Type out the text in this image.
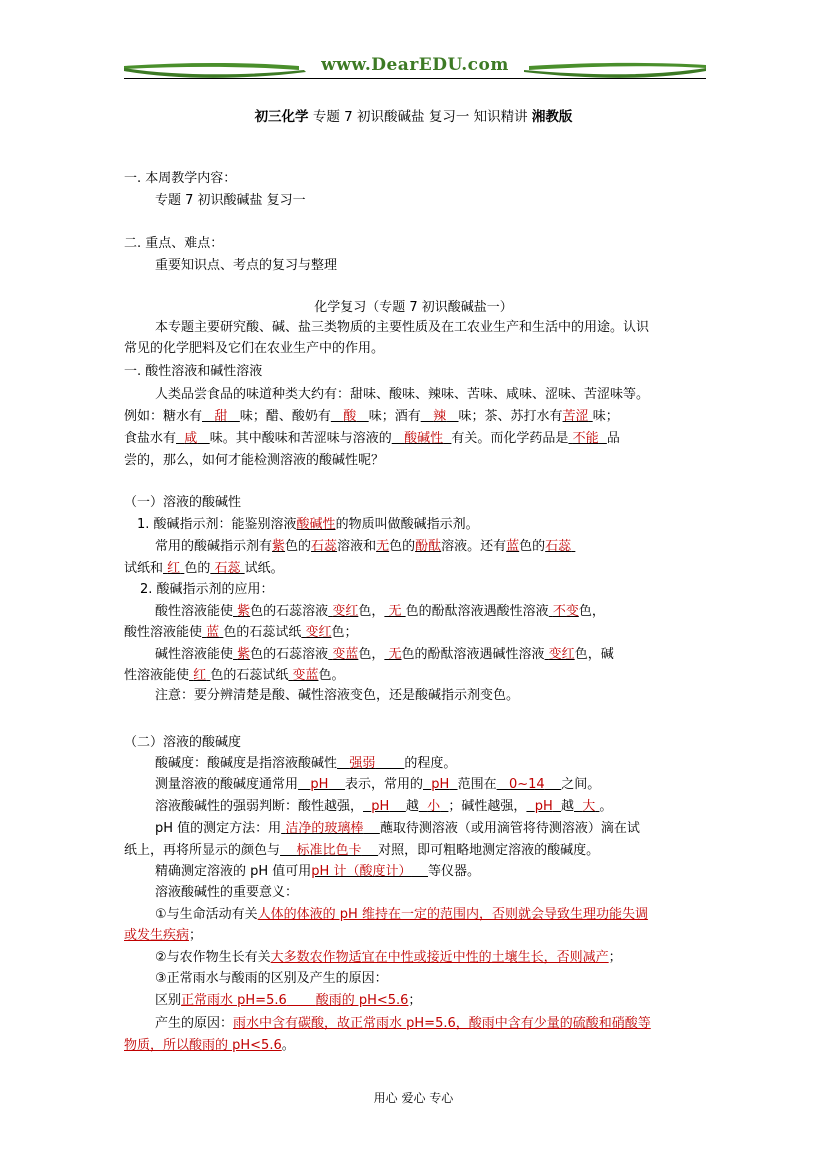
www.DearEDU.com
初三化学 专题 7 初识酸碱盐 复习一 知识精讲 湘教版
一. 本周教学内容：
专题 7 初识酸碱盐 复习一
二. 重点、难点：
重要知识点、考点的复习与整理
化学复习（专题 7 初识酸碱盐一）
本专题主要研究酸、碱、盐三类物质的主要性质及在工农业生产和生活中的用途。认识
常见的化学肥料及它们在农业生产中的作用。
一. 酸性溶液和碱性溶液
人类品尝食品的味道种类大约有：甜味、酸味、辣味、苦味、咸味、涩味、苦涩味等。
例如：糖水有 甜 味；醋、酸奶有 酸 味；酒有 辣 味；茶、苏打水有苦涩 味；
食盐水有 咸 味。其中酸味和苦涩味与溶液的 酸碱性 有关。而化学药品是 不能 品
尝的，那么，如何才能检测溶液的酸碱性呢？
（一）溶液的酸碱性
1. 酸碱指示剂：能鉴别溶液酸碱性的物质叫做酸碱指示剂。
常用的酸碱指示剂有紫色的石蕊溶液和无色的酚酞溶液。还有蓝色的石蕊
试纸和 红 色的 石蕊 试纸。
2. 酸碱指示剂的应用：
酸性溶液能使 紫色的石蕊溶液 变红色， 无 色的酚酞溶液遇酸性溶液 不变色，
酸性溶液能使 蓝 色的石蕊试纸 变红色；
碱性溶液能使 紫色的石蕊溶液 变蓝色， 无色的酚酞溶液遇碱性溶液 变红色，碱
性溶液能使 红 色的石蕊试纸 变蓝色。
注意：要分辨清楚是酸、碱性溶液变色，还是酸碱指示剂变色。
（二）溶液的酸碱度
酸碱度：酸碱度是指溶液酸碱性 强弱 的程度。
测量溶液的酸碱度通常用 pH 表示，常用的 pH 范围在 0~14 之间。
溶液酸碱性的强弱判断：酸性越强， pH 越 小 ；碱性越强， pH 越 大 。
pH 值的测定方法：用 洁净的玻璃棒 蘸取待测溶液（或用滴管将待测溶液）滴在试
纸上，再将所显示的颜色与 标准比色卡 对照，即可粗略地测定溶液的酸碱度。
精确测定溶液的 pH 值可用pH 计（酸度计） 等仪器。
溶液酸碱性的重要意义：
①与生命活动有关人体的体液的 pH 维持在一定的范围内，否则就会导致生理功能失调
或发生疾病；
②与农作物生长有关大多数农作物适宜在中性或接近中性的土壤生长，否则减产；
③正常雨水与酸雨的区别及产生的原因：
区别正常雨水 pH=5.6 酸雨的 pH<5.6；
产生的原因：雨水中含有碳酸，故正常雨水 pH=5.6，酸雨中含有少量的硫酸和硝酸等
物质，所以酸雨的 pH<5.6。
用心 爱心 专心
